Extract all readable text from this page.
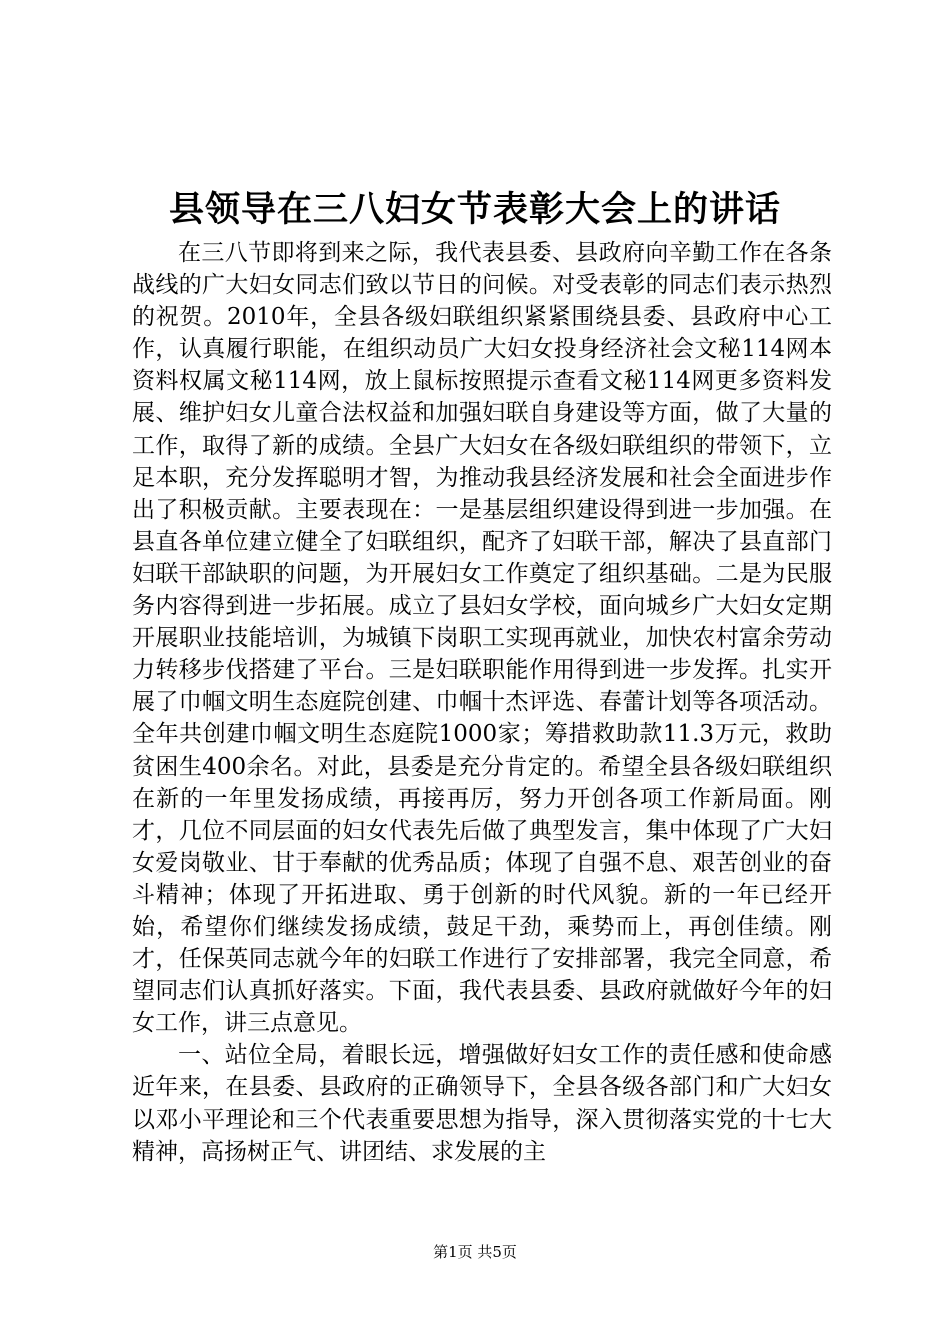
县领导在三八妇女节表彰大会上的讲话

在三八节即将到来之际，我代表县委、县政府向辛勤工作在各条战线的广大妇女同志们致以节日的问候。对受表彰的同志们表示热烈的祝贺。2010年，全县各级妇联组织紧紧围绕县委、县政府中心工作，认真履行职能，在组织动员广大妇女投身经济社会文秘114网本资料权属文秘114网，放上鼠标按照提示查看文秘114网更多资料发展、维护妇女儿童合法权益和加强妇联自身建设等方面，做了大量的工作，取得了新的成绩。全县广大妇女在各级妇联组织的带领下，立足本职，充分发挥聪明才智，为推动我县经济发展和社会全面进步作出了积极贡献。主要表现在：一是基层组织建设得到进一步加强。在县直各单位建立健全了妇联组织，配齐了妇联干部，解决了县直部门妇联干部缺职的问题，为开展妇女工作奠定了组织基础。二是为民服务内容得到进一步拓展。成立了县妇女学校，面向城乡广大妇女定期开展职业技能培训，为城镇下岗职工实现再就业，加快农村富余劳动力转移步伐搭建了平台。三是妇联职能作用得到进一步发挥。扎实开展了巾帼文明生态庭院创建、巾帼十杰评选、春蕾计划等各项活动。全年共创建巾帼文明生态庭院1000家；筹措救助款11.3万元，救助贫困生400余名。对此，县委是充分肯定的。希望全县各级妇联组织在新的一年里发扬成绩，再接再厉，努力开创各项工作新局面。刚才，几位不同层面的妇女代表先后做了典型发言，集中体现了广大妇女爱岗敬业、甘于奉献的优秀品质；体现了自强不息、艰苦创业的奋斗精神；体现了开拓进取、勇于创新的时代风貌。新的一年已经开始，希望你们继续发扬成绩，鼓足干劲，乘势而上，再创佳绩。刚才，任保英同志就今年的妇联工作进行了安排部署，我完全同意，希望同志们认真抓好落实。下面，我代表县委、县政府就做好今年的妇女工作，讲三点意见。

一、站位全局，着眼长远，增强做好妇女工作的责任感和使命感近年来，在县委、县政府的正确领导下，全县各级各部门和广大妇女以邓小平理论和三个代表重要思想为指导，深入贯彻落实党的十七大精神，高扬树正气、讲团结、求发展的主

第1页 共5页
